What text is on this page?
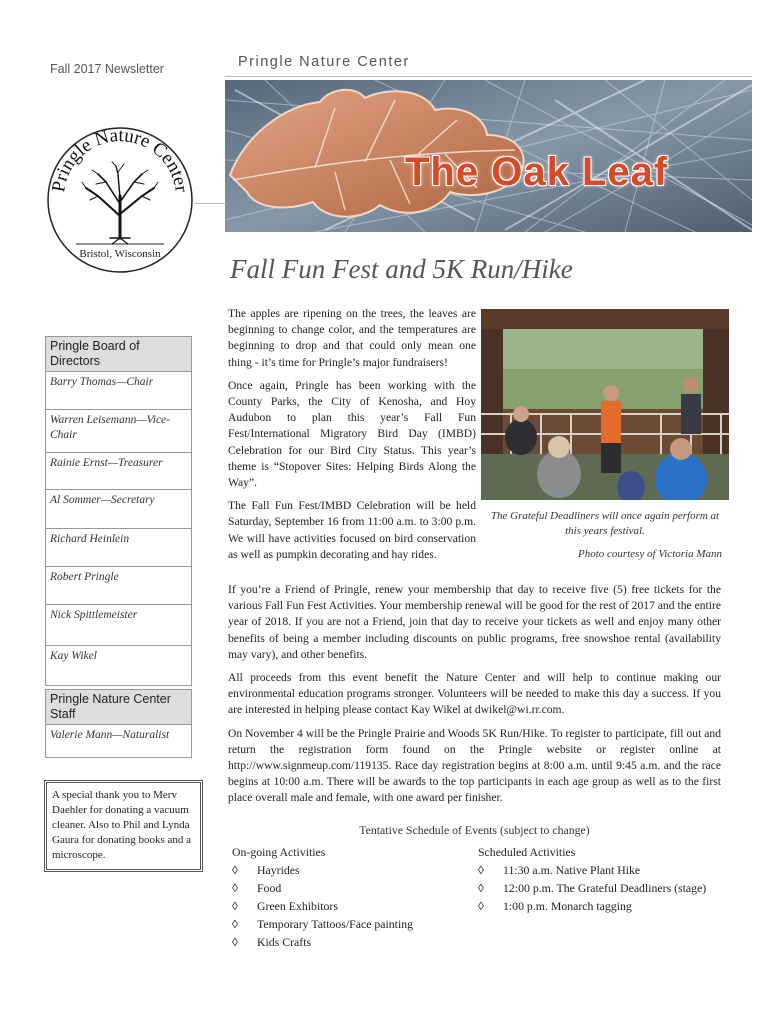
Fall 2017 Newsletter	Pringle Nature Center
The Oak Leaf
Pringle Nature Center
Bristol, Wisconsin	Fall Fun Fest and 5K Run/Hike

The apples are ripening on the trees, the leaves are beginning to change color, and the temperatures are beginning to drop and that could only mean one thing - it’s time for Pringle’s major fundraisers!

Once again, Pringle has been working with the County Parks, the City of Kenosha, and Hoy Audubon to plan this year’s Fall Fun Fest/International Migratory Bird Day (IMBD) Celebration for our Bird City Status. This year’s theme is “Stopover Sites: Helping Birds Along the Way”.

The Fall Fun Fest/IMBD Celebration will be held Saturday, September 16 from 11:00 a.m. to 3:00 p.m. We will have activities focused on bird conservation as well as pumpkin decorating and hay rides.

The Grateful Deadliners will once again perform at this years festival.
Photo courtesy of Victoria Mann

If you’re a Friend of Pringle, renew your membership that day to receive five (5) free tickets for the various Fall Fun Fest Activities. Your membership renewal will be good for the rest of 2017 and the entire year of 2018. If you are not a Friend, join that day to receive your tickets as well and enjoy many other benefits of being a member including discounts on public programs, free snowshoe rental (availability may vary), and other benefits.

All proceeds from this event benefit the Nature Center and will help to continue making our environmental education programs stronger. Volunteers will be needed to make this day a success. If you are interested in helping please contact Kay Wikel at dwikel@wi.rr.com.

On November 4 will be the Pringle Prairie and Woods 5K Run/Hike. To register to participate, fill out and return the registration form found on the Pringle website or register online at http://www.signmeup.com/119135. Race day registration begins at 8:00 a.m. until 9:45 a.m. and the race begins at 10:00 a.m. There will be awards to the top participants in each age group as well as to the first place overall male and female, with one award per finisher.

Pringle Board of Directors
Barry Thomas—Chair
Warren Leisemann—Vice-Chair
Rainie Ernst—Treasurer
Al Sommer—Secretary
Richard Heinlein
Robert Pringle
Nick Spittlemeister
Kay Wikel
Pringle Nature Center Staff
Valerie Mann—Naturalist
A special thank you to Merv Daehler for donating a vacuum cleaner. Also to Phil and Lynda Gaura for donating books and a microscope.
Tentative Schedule of Events (subject to change)
On-going Activities
◊ Hayrides
◊ Food
◊ Green Exhibitors
◊ Temporary Tattoos/Face painting
◊ Kids Crafts
Scheduled Activities
◊ 11:30 a.m. Native Plant Hike
◊ 12:00 p.m. The Grateful Deadliners (stage)
◊ 1:00 p.m. Monarch tagging
